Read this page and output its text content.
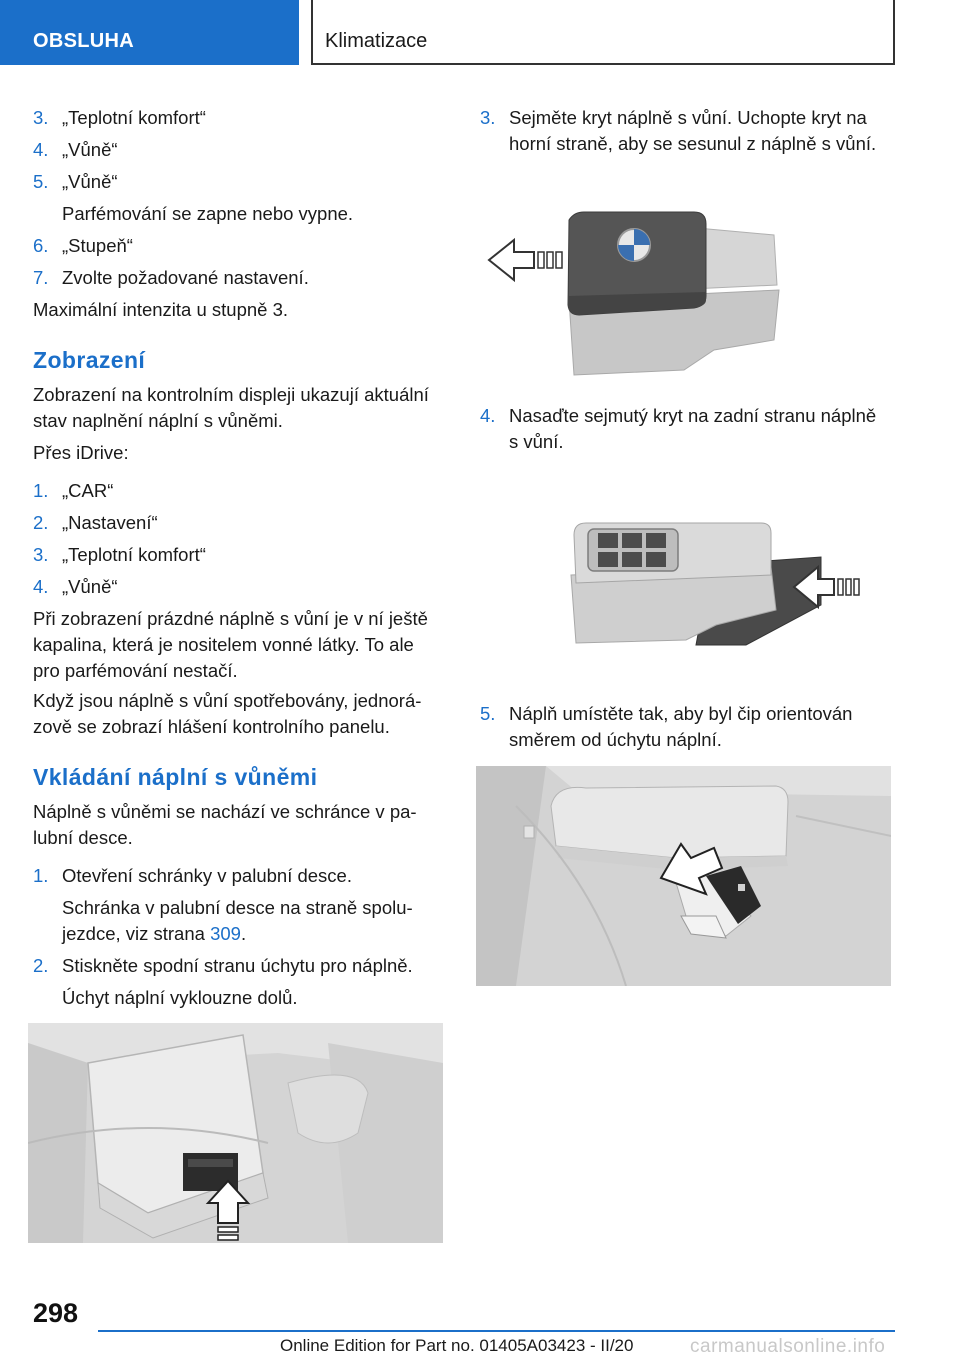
OBSLUHA	Klimatizace
3. „Teplotní komfort“
4. „Vůně“
5. „Vůně“
Parfémování se zapne nebo vypne.
6. „Stupeň“
7. Zvolte požadované nastavení.
Maximální intenzita u stupně 3.
Zobrazení
Zobrazení na kontrolním displeji ukazují aktuální
stav naplnění náplní s vůněmi.
Přes iDrive:
1. „CAR“
2. „Nastavení“
3. „Teplotní komfort“
4. „Vůně“
Při zobrazení prázdné náplně s vůní je v ní ještě
kapalina, která je nositelem vonné látky. To ale
pro parfémování nestačí.
Když jsou náplně s vůní spotřebovány, jednorá-
zově se zobrazí hlášení kontrolního panelu.
Vkládání náplní s vůněmi
Náplně s vůněmi se nachází ve schránce v pa-
lubní desce.
1. Otevření schránky v palubní desce.
Schránka v palubní desce na straně spolu-
jezdce, viz strana 309.
2. Stiskněte spodní stranu úchytu pro náplně.
Úchyt náplní vyklouzne dolů.
3. Sejměte kryt náplně s vůní. Uchopte kryt na
horní straně, aby se sesunul z náplně s vůní.
4. Nasaďte sejmutý kryt na zadní stranu náplně
s vůní.
5. Náplň umístěte tak, aby byl čip orientován
směrem od úchytu náplní.
298
Online Edition for Part no. 01405A03423 - II/20	carmanualsonline.info
